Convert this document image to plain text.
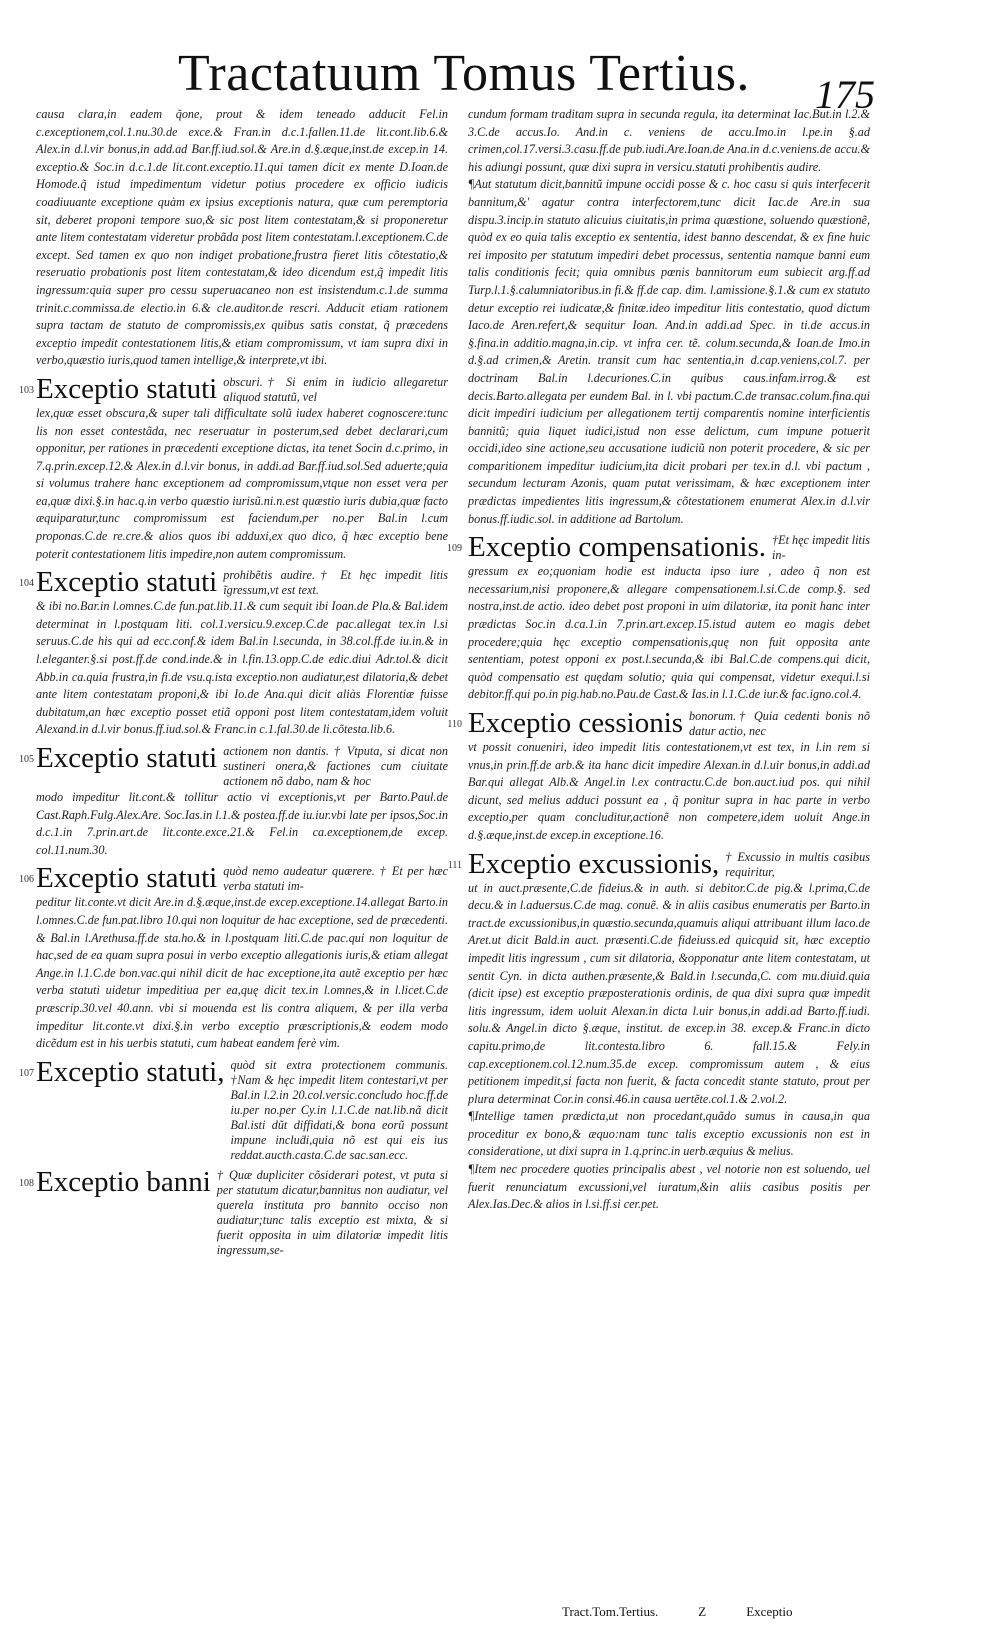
Tractatuum Tomus Tertius. 175

causa clara,in eadem q̃one, prout & idem teneado adducit Fel.in c.exceptionem,col.1.nu.30.de exce.& Fran.in d.c.1.fallen.11.de lit.cont.lib.6.& Alex.in d.l.vir bonus,in add.ad Bar.ff.iud.sol.& Are.in d.§.æque,inst.de excep.in 14. exceptio.& Soc.in d.c.1.de lit.cont.exceptio.11.qui tamen dicit ex mente D.Ioan.de Homode.q̃ istud impedimentum videtur potius procedere ex officio iudicis coadiuuante exceptione quàm ex ipsius exceptionis natura, quæ cum peremptoria sit, deberet proponi tempore suo,& sic post litem contestatam,& si proponeretur ante litem contestatam videretur probãda post litem contestatam.l.exceptionem.C.de except. Sed tamen ex quo non indiget probatione,frustra fieret litis cõtestatio,& reseruatio probationis post litem contestatam,& ideo dicendum est,q̃ impedit litis ingressum:quia super pro cessu superuacaneo non est insistendum.c.1.de summa trinit.c.commissa.de electio.in 6.& cle.auditor.de rescri. Adducit etiam rationem supra tactam de statuto de compromissis,ex quibus satis constat, q̃ præcedens exceptio impedit contestationem litis,& etiam compromissum, vt iam supra dixi in verbo,quæstio iuris,quod tamen intellige,& interprete,vt ibi.

103 Exceptio statuti obscuri.† Si enim in iudicio allegaretur aliquod statutũ, vel

lex,quæ esset obscura,& super tali difficultate solũ iudex haberet cognoscere:tunc lis non esset contestãda, nec reseruatur in posterum,sed debet declarari,cum opponitur, per rationes in præcedenti exceptione dictas, ita tenet Socin d.c.primo, in 7.q.prin.excep.12.& Alex.in d.l.vir bonus, in addi.ad Bar.ff.iud.sol.Sed aduerte;quia si volumus trahere hanc exceptionem ad compromissum,vtque non esset vera per ea,quæ dixi.§.in hac.q.in verbo quæstio iurisũ.ni.n.est quæstio iuris dubia,quæ facto æquiparatur,tunc compromissum est faciendum,per no.per Bal.in l.cum proponas.C.de re.cre.& alios quos ibi adduxi,ex quo dico, q̃ hæc exceptio bene poterit contestationem litis impedire,non autem compromissum.

104 Exceptio statuti prohibẽtis audire.† Et hęc impedit litis ĩgressum,vt est text.

& ibi no.Bar.in l.omnes.C.de fun.pat.lib.11.& cum sequit ibi Ioan.de Pla.& Bal.idem determinat in l.postquam liti. col.1.versicu.9.excep.C.de pac.allegat tex.in l.si seruus.C.de his qui ad ecc.conf.& idem Bal.in l.secunda, in 38.col.ff.de iu.in.& in l.eleganter.§.si post.ff.de cond.inde.& in l.fin.13.opp.C.de edic.diui Adr.tol.& dicit Abb.in ca.quia frustra,in fi.de vsu.q.ista exceptio.non audiatur,est dilatoria,& debet ante litem contestatam proponi,& ibi Io.de Ana.qui dicit aliàs Florentiæ fuisse dubitatum,an hæc exceptio posset etiã opponi post litem contestatam,idem voluit Alexand.in d.l.vir bonus.ff.iud.sol.& Franc.in c.1.fal.30.de li.cõtesta.lib.6.

105 Exceptio statuti actionem non dantis. † Vtputa, si dicat non sustineri onera,& factiones cum ciuitate actionem nõ dabo, nam & hoc

modo impeditur lit.cont.& tollitur actio vi exceptionis,vt per Barto.Paul.de Cast.Raph.Fulg.Alex.Are. Soc.Ias.in l.1.& postea.ff.de iu.iur.vbi late per ipsos,Soc.in d.c.1.in 7.prin.art.de lit.conte.exce.21.& Fel.in ca.exceptionem,de excep. col.11.num.30.

106 Exceptio statuti quòd nemo audeatur quærere. † Et per hæc verba statuti im-

peditur lit.conte.vt dicit Are.in d.§.æque,inst.de excep.exceptione.14.allegat Barto.in l.omnes.C.de fun.pat.libro 10.qui non loquitur de hac exceptione, sed de præcedenti. & Bal.in l.Arethusa.ff.de sta.ho.& in l.postquam liti.C.de pac.qui non loquitur de hac,sed de ea quam supra posui in verbo exceptio allegationis iuris,& etiam allegat Ange.in l.1.C.de bon.vac.qui nihil dicit de hac exceptione,ita autẽ exceptio per hæc verba statuti uidetur impeditiua per ea,quę dicit tex.in l.omnes,& in l.licet.C.de præscrip.30.vel 40.ann. vbi si mouenda est lis contra aliquem, & per illa verba impeditur lit.conte.vt dixi.§.in verbo exceptio præscriptionis,& eodem modo dicẽdum est in his uerbis statuti, cum habeat eandem ferè vim.

107 Exceptio statuti, quòd sit extra protectionem communis. †Nam & hęc impedit litem contestari,vt per Bal.in l.2.in 20.col.versic.concludo hoc.ff.de iu.per no.per Cy.in l.1.C.de nat.lib.nã dicit Bal.isti dũt diffidati,& bona eorũ possunt impune incluḋi,quia nõ est qui eis ius reddat.aucth.casta.C.de sac.san.ecc.

108 Exceptio banni † Quæ dupliciter cõsiderari potest, vt puta si per statutum dicatur,bannitus non audiatur, vel querela instituta pro bannito occiso non audiatur;tunc talis exceptio est mixta, & si fuerit opposita in uim dilatoriæ impedit litis ingressum,se-

cundum formam traditam supra in secunda regula, ita determinat Iac.But.in l.2.& 3.C.de accus.Io. And.in c. veniens de accu.Imo.in l.pe.in §.ad crimen,col.17.versi.3.casu.ff.de pub.iudi.Are.Ioan.de Ana.in d.c.veniens.de accu.& his adiungi possunt, quæ dixi supra in versicu.statuti prohibentis audire.

¶Aut statutum dicit,bannitũ impune occidi posse & c. hoc casu si quis interfecerit bannitum,&' agatur contra interfectorem,tunc dicit Iac.de Are.in sua dispu.3.incip.in statuto alicuius ciuitatis,in prima quæstione, soluendo quæstionẽ, quòd ex eo quia talis exceptio ex sententia, idest banno descendat, & ex fine huic rei imposito per statutum impediri debet processus, sententia namque banni eum talis conditionis fecit; quia omnibus pœnis bannitorum eum subiecit arg.ff.ad Turp.l.1.§.calumniatoribus.in fi.& ff.de cap. dim. l.amissione.§.1.& cum ex statuto detur exceptio rei iudicatæ,& finitæ.ideo impeditur litis contestatio, quod dictum Iaco.de Aren.refert,& sequitur Ioan. And.in addi.ad Spec. in ti.de accus.in §.fina.in additio.magna,in.cip. vt infra cer. tẽ. colum.secunda,& Ioan.de Imo.in d.§.ad crimen,& Aretin. transit cum hac sententia,in d.cap.veniens,col.7. per doctrinam Bal.in l.decuriones.C.in quibus caus.infam.irrog.& est decis.Barto.allegata per eundem Bal. in l. vbi pactum.C.de transac.colum.fina.qui dicit impediri iudicium per allegationem tertij comparentis nomine interficientis bannitũ; quia liquet iudici,istud non esse delictum, cum impune potuerit occidi,ideo sine actione,seu accusatione iudiciũ non poterit procedere, & sic per comparitionem impeditur iudicium,ita dicit probari per tex.in d.l. vbi pactum , secundum lecturam Azonis, quam putat verissimam, & hæc exceptionem inter prædictas impedientes litis ingressum,& cõtestationem enumerat Alex.in d.l.vir bonus.ff.iudic.sol. in additione ad Bartolum.

109 Exceptio compensationis. †Et hęc impedit litis in-

gressum ex eo;quoniam hodie est inducta ipso iure , adeo q̃ non est necessarium,nisi proponere,& allegare compensationem.l.si.C.de comp.§. sed nostra,inst.de actio. ideo debet post proponi in uim dilatoriæ, ita ponit hanc inter prædictas Soc.in d.ca.1.in 7.prin.art.excep.15.istud autem eo magis debet procedere;quia hęc exceptio compensationis,quę non fuit opposita ante sententiam, potest opponi ex post.l.secunda,& ibi Bal.C.de compens.qui dicit, quòd compensatio est quędam solutio; quia qui compensat, videtur exequi.l.si debitor.ff.qui po.in pig.hab.no.Pau.de Cast.& Ias.in l.1.C.de iur.& fac.igno.col.4.

110 Exceptio cessionis bonorum.† Quia cedenti bonis nõ datur actio, nec

vt possit conueniri, ideo impedit litis contestationem,vt est tex, in l.in rem si vnus,in prin.ff.de arb.& ita hanc dicit impedire Alexan.in d.l.uir bonus,in addi.ad Bar.qui allegat Alb.& Angel.in l.ex contractu.C.de bon.auct.iud pos. qui nihil dicunt, sed melius adduci possunt ea , q̃ ponitur supra in hac parte in verbo exceptio,per quam concluditur,actionẽ non competere,idem uoluit Ange.in d.§.æque,inst.de excep.in exceptione.16.

111 Exceptio excussionis, † Excussio in multis casibus requiritur,

ut in auct.præsente,C.de fideius.& in auth. si debitor.C.de pig.& l.prima,C.de decu.& in l.aduersus.C.de mag. conuẽ. & in aliis casibus enumeratis per Barto.in tract.de excussionibus,in quæstio.secunda,quamuis aliqui attribuant illum laco.de Aret.ut dicit Bald.in auct. præsenti.C.de fideiuss.ed quicquid sit, hæc exceptio impedit litis ingressum , cum sit dilatoria, &opponatur ante litem contestatam, ut sentit Cyn. in dicta authen.præsente,& Bald.in l.secunda,C. com mu.diuid.quia (dicit ipse) est exceptio præposterationis ordinis, de qua dixi supra quæ impedit litis ingressum, idem uoluit Alexan.in dicta l.uir bonus,in addi.ad Barto.ff.iudi. solu.& Angel.in dicto §.æque, institut. de excep.in 38. excep.& Franc.in dicto capitu.primo,de lit.contesta.libro 6. fall.15.& Fely.in cap.exceptionem.col.12.num.35.de excep. compromissum autem , & eius petitionem impedit,si facta non fuerit, & facta concedit stante statuto, prout per plura determinat Cor.in consi.46.in causa uertẽte.col.1.& 2.vol.2.

¶Intellige tamen prædicta,ut non procedant,quãdo sumus in causa,in qua proceditur ex bono,& æquo:nam tunc talis exceptio excussionis non est in consideratione, ut dixi supra in 1.q.princ.in uerb.æquius & melius.

¶Item nec procedere quoties principalis abest , vel notorie non est soluendo, uel fuerit renunciatum excussioni,vel iuratum,&in aliis casibus positis per Alex.Ias.Dec.& alios in l.si.ff.si cer.pet.

Tract.Tom.Tertius.	Z	Exceptio
